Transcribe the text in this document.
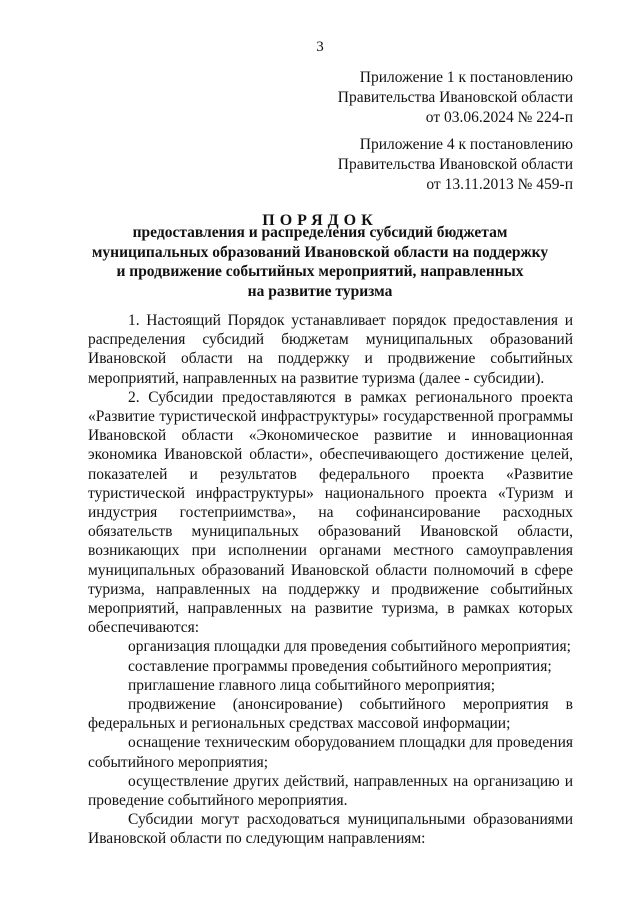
3
Приложение 1 к постановлению
Правительства Ивановской области
от 03.06.2024 № 224-п
Приложение 4 к постановлению
Правительства Ивановской области
от 13.11.2013 № 459-п
ПОРЯДОК
предоставления и распределения субсидий бюджетам
муниципальных образований Ивановской области на поддержку
и продвижение событийных мероприятий, направленных
на развитие туризма

1. Настоящий Порядок устанавливает порядок предоставления и распределения субсидий бюджетам муниципальных образований Ивановской области на поддержку и продвижение событийных мероприятий, направленных на развитие туризма (далее - субсидии).

2. Субсидии предоставляются в рамках регионального проекта «Развитие туристической инфраструктуры» государственной программы Ивановской области «Экономическое развитие и инновационная экономика Ивановской области», обеспечивающего достижение целей, показателей и результатов федерального проекта «Развитие туристической инфраструктуры» национального проекта «Туризм и индустрия гостеприимства», на софинансирование расходных обязательств муниципальных образований Ивановской области, возникающих при исполнении органами местного самоуправления муниципальных образований Ивановской области полномочий в сфере туризма, направленных на поддержку и продвижение событийных мероприятий, направленных на развитие туризма, в рамках которых обеспечиваются:

организация площадки для проведения событийного мероприятия;

составление программы проведения событийного мероприятия;

приглашение главного лица событийного мероприятия;

продвижение (анонсирование) событийного мероприятия в федеральных и региональных средствах массовой информации;

оснащение техническим оборудованием площадки для проведения событийного мероприятия;

осуществление других действий, направленных на организацию и проведение событийного мероприятия.

Субсидии могут расходоваться муниципальными образованиями Ивановской области по следующим направлениям:
